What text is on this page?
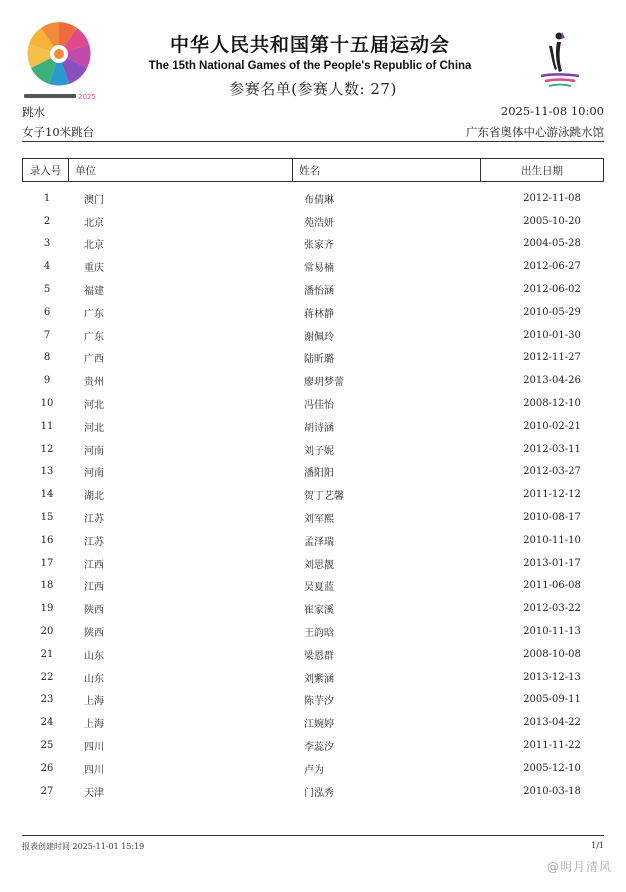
2025
中华人民共和国第十五届运动会
The 15th National Games of the People's Republic of China
参赛名单(参赛人数: 27)
跳水	2025-11-08 10:00
女子10米跳台	广东省奥体中心游泳跳水馆
录入号	单位	姓名	出生日期
1	澳门	布倩琳	2012-11-08
2	北京	苑浩妍	2005-10-20
3	北京	张家齐	2004-05-28
4	重庆	常易楠	2012-06-27
5	福建	潘怡涵	2012-06-02
6	广东	蒋林静	2010-05-29
7	广东	谢佩玲	2010-01-30
8	广西	陆昕璐	2012-11-27
9	贵州	廖玥梦蕾	2013-04-26
10	河北	冯佳怡	2008-12-10
11	河北	胡诗涵	2010-02-21
12	河南	刘子妮	2012-03-11
13	河南	潘阳阳	2012-03-27
14	湖北	贺丁艺馨	2011-12-12
15	江苏	刘军熙	2010-08-17
16	江苏	孟泽瑞	2010-11-10
17	江西	刘思靓	2013-01-17
18	江西	吴夏蓝	2011-06-08
19	陕西	崔家溪	2012-03-22
20	陕西	王韵晗	2010-11-13
21	山东	梁恩群	2008-10-08
22	山东	刘紫涵	2013-12-13
23	上海	陈芋汐	2005-09-11
24	上海	江婉婷	2013-04-22
25	四川	李蕊汐	2011-11-22
26	四川	卢为	2005-12-10
27	天津	门泓秀	2010-03-18
报表创建时间 2025-11-01 15:19	1/1
@明月清风
